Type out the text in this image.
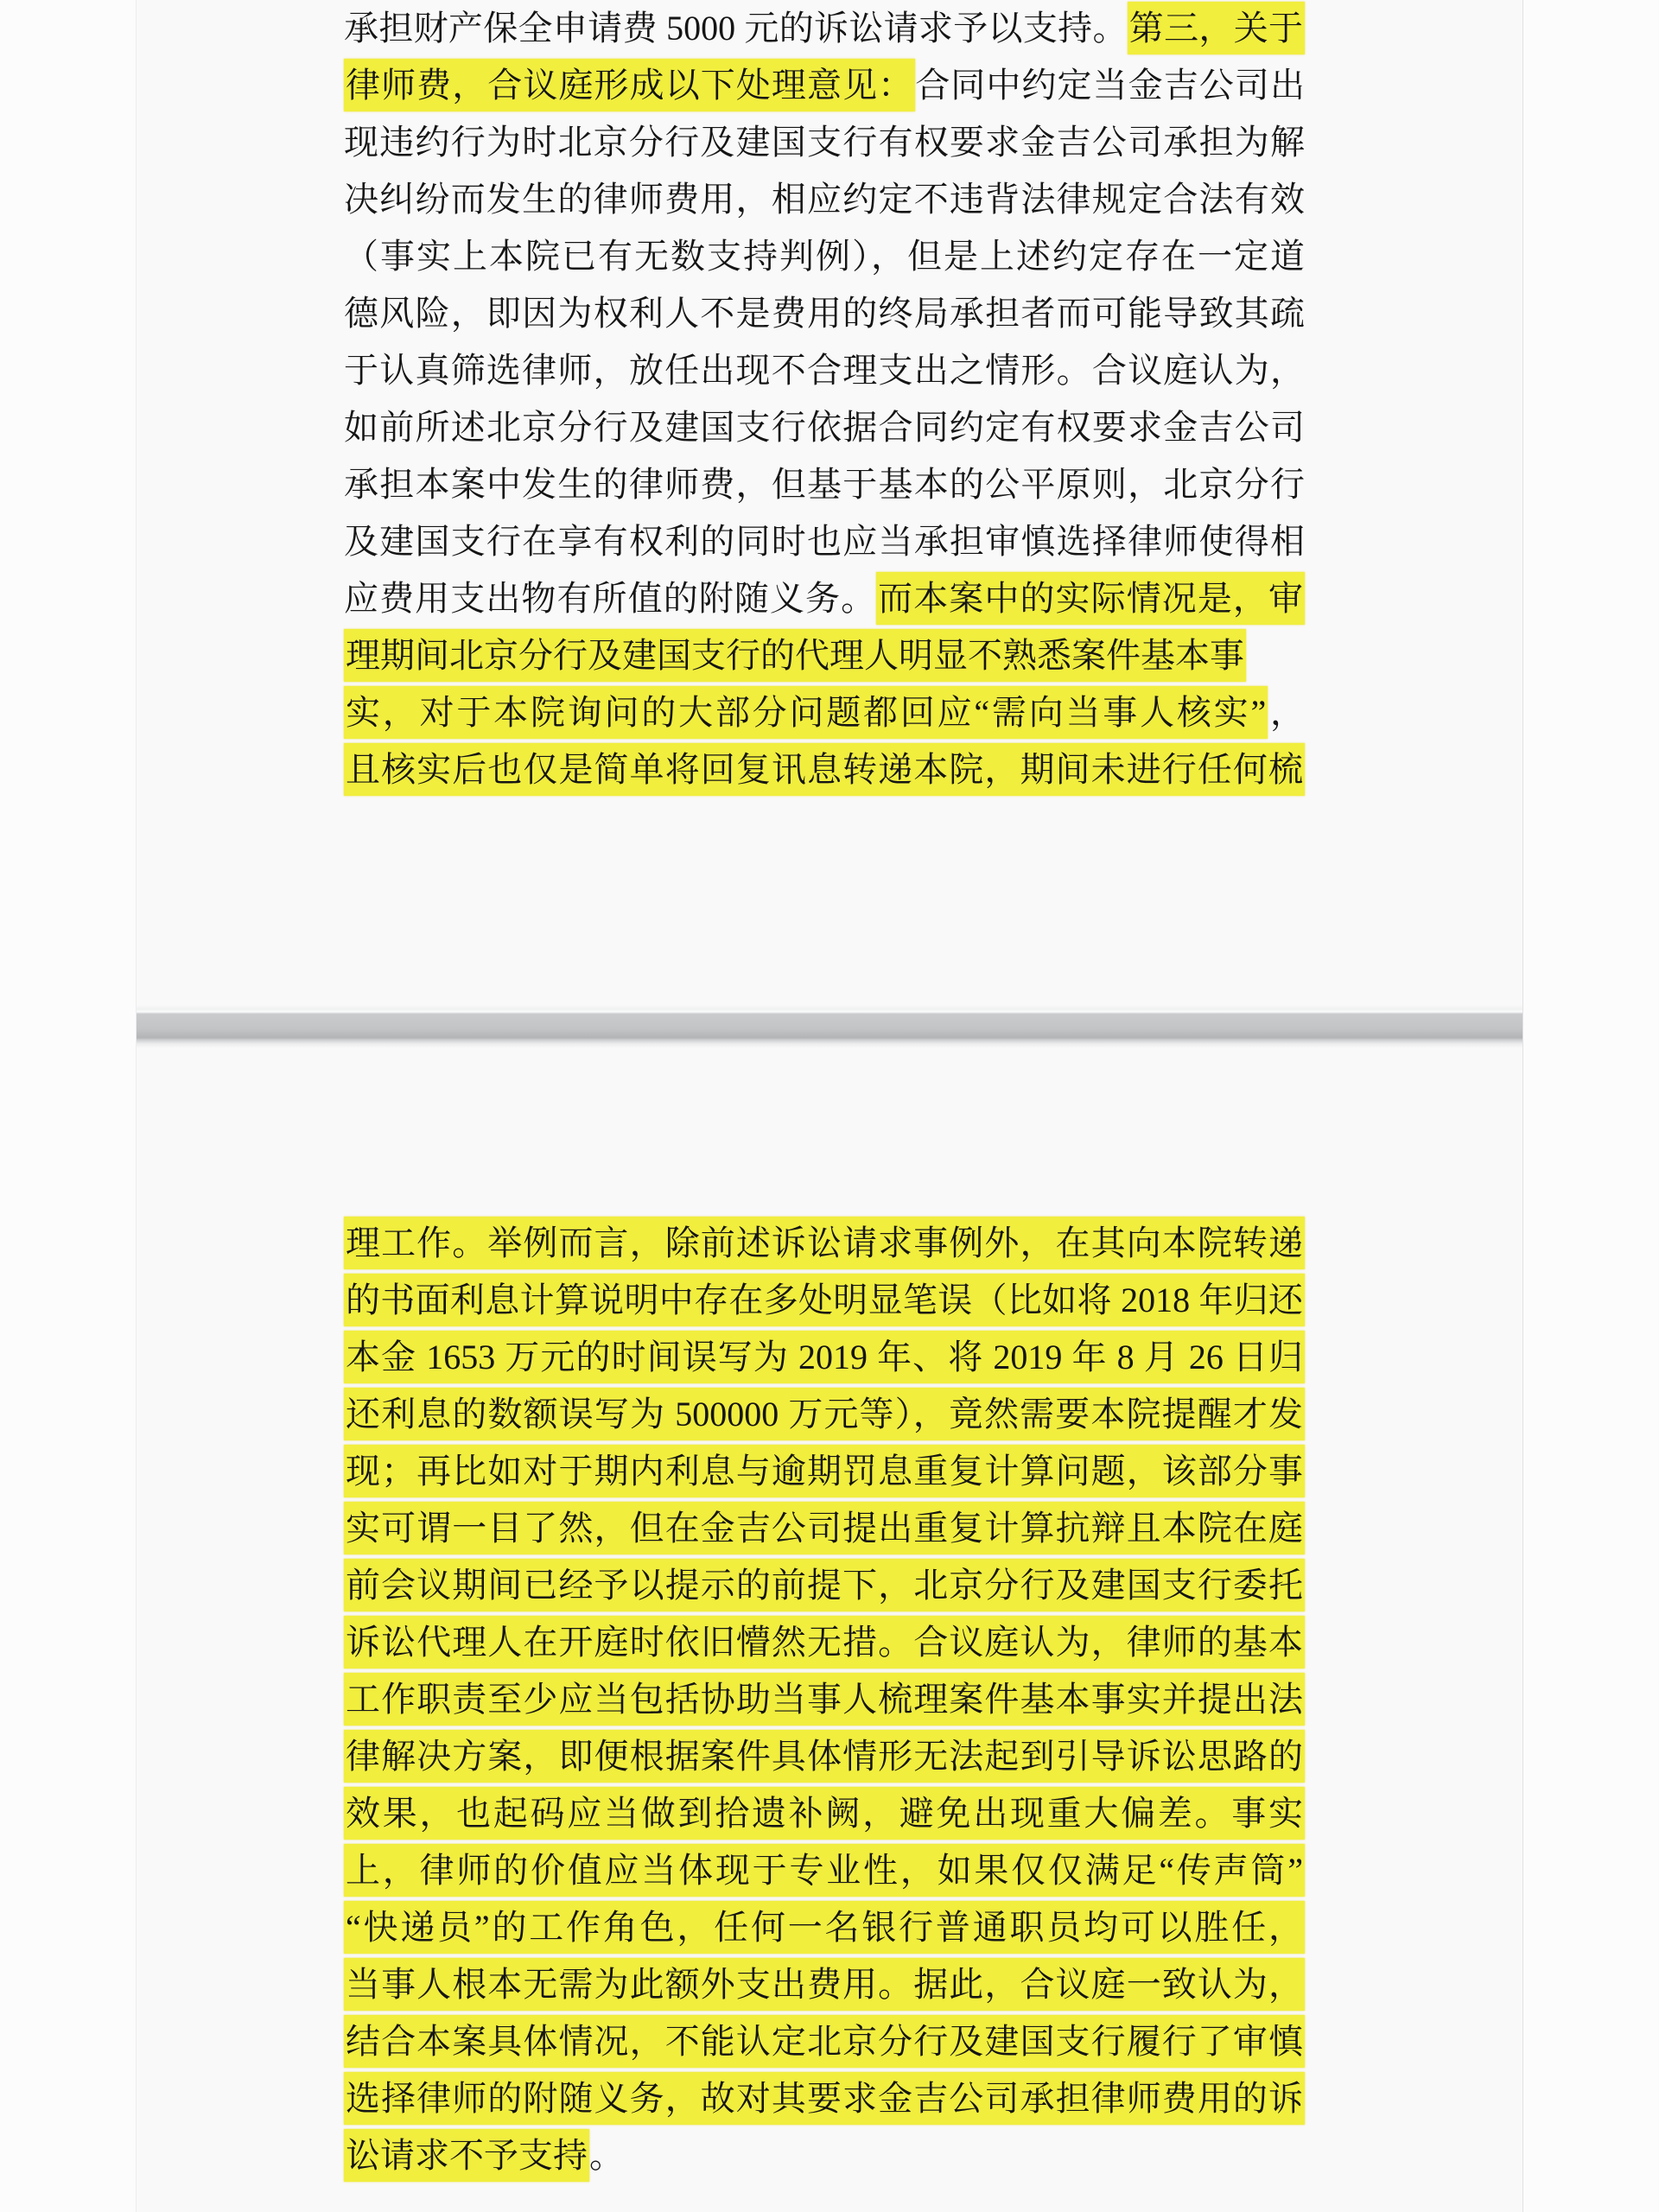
承担财产保全申请费 5000 元的诉讼请求予以支持。第三，关于
律师费，合议庭形成以下处理意见：合同中约定当金吉公司出
现违约行为时北京分行及建国支行有权要求金吉公司承担为解
决纠纷而发生的律师费用，相应约定不违背法律规定合法有效
（事实上本院已有无数支持判例），但是上述约定存在一定道
德风险，即因为权利人不是费用的终局承担者而可能导致其疏
于认真筛选律师，放任出现不合理支出之情形。合议庭认为，
如前所述北京分行及建国支行依据合同约定有权要求金吉公司
承担本案中发生的律师费，但基于基本的公平原则，北京分行
及建国支行在享有权利的同时也应当承担审慎选择律师使得相
应费用支出物有所值的附随义务。而本案中的实际情况是，审
理期间北京分行及建国支行的代理人明显不熟悉案件基本事
实，对于本院询问的大部分问题都回应“需向当事人核实”，
且核实后也仅是简单将回复讯息转递本院，期间未进行任何梳
理工作。举例而言，除前述诉讼请求事例外，在其向本院转递
的书面利息计算说明中存在多处明显笔误（比如将 2018 年归还
本金 1653 万元的时间误写为 2019 年、将 2019 年 8 月 26 日归
还利息的数额误写为 500000 万元等），竟然需要本院提醒才发
现；再比如对于期内利息与逾期罚息重复计算问题，该部分事
实可谓一目了然，但在金吉公司提出重复计算抗辩且本院在庭
前会议期间已经予以提示的前提下，北京分行及建国支行委托
诉讼代理人在开庭时依旧懵然无措。合议庭认为，律师的基本
工作职责至少应当包括协助当事人梳理案件基本事实并提出法
律解决方案，即便根据案件具体情形无法起到引导诉讼思路的
效果，也起码应当做到拾遗补阙，避免出现重大偏差。事实
上，律师的价值应当体现于专业性，如果仅仅满足“传声筒”
“快递员”的工作角色，任何一名银行普通职员均可以胜任，
当事人根本无需为此额外支出费用。据此，合议庭一致认为，
结合本案具体情况，不能认定北京分行及建国支行履行了审慎
选择律师的附随义务，故对其要求金吉公司承担律师费用的诉
讼请求不予支持。
